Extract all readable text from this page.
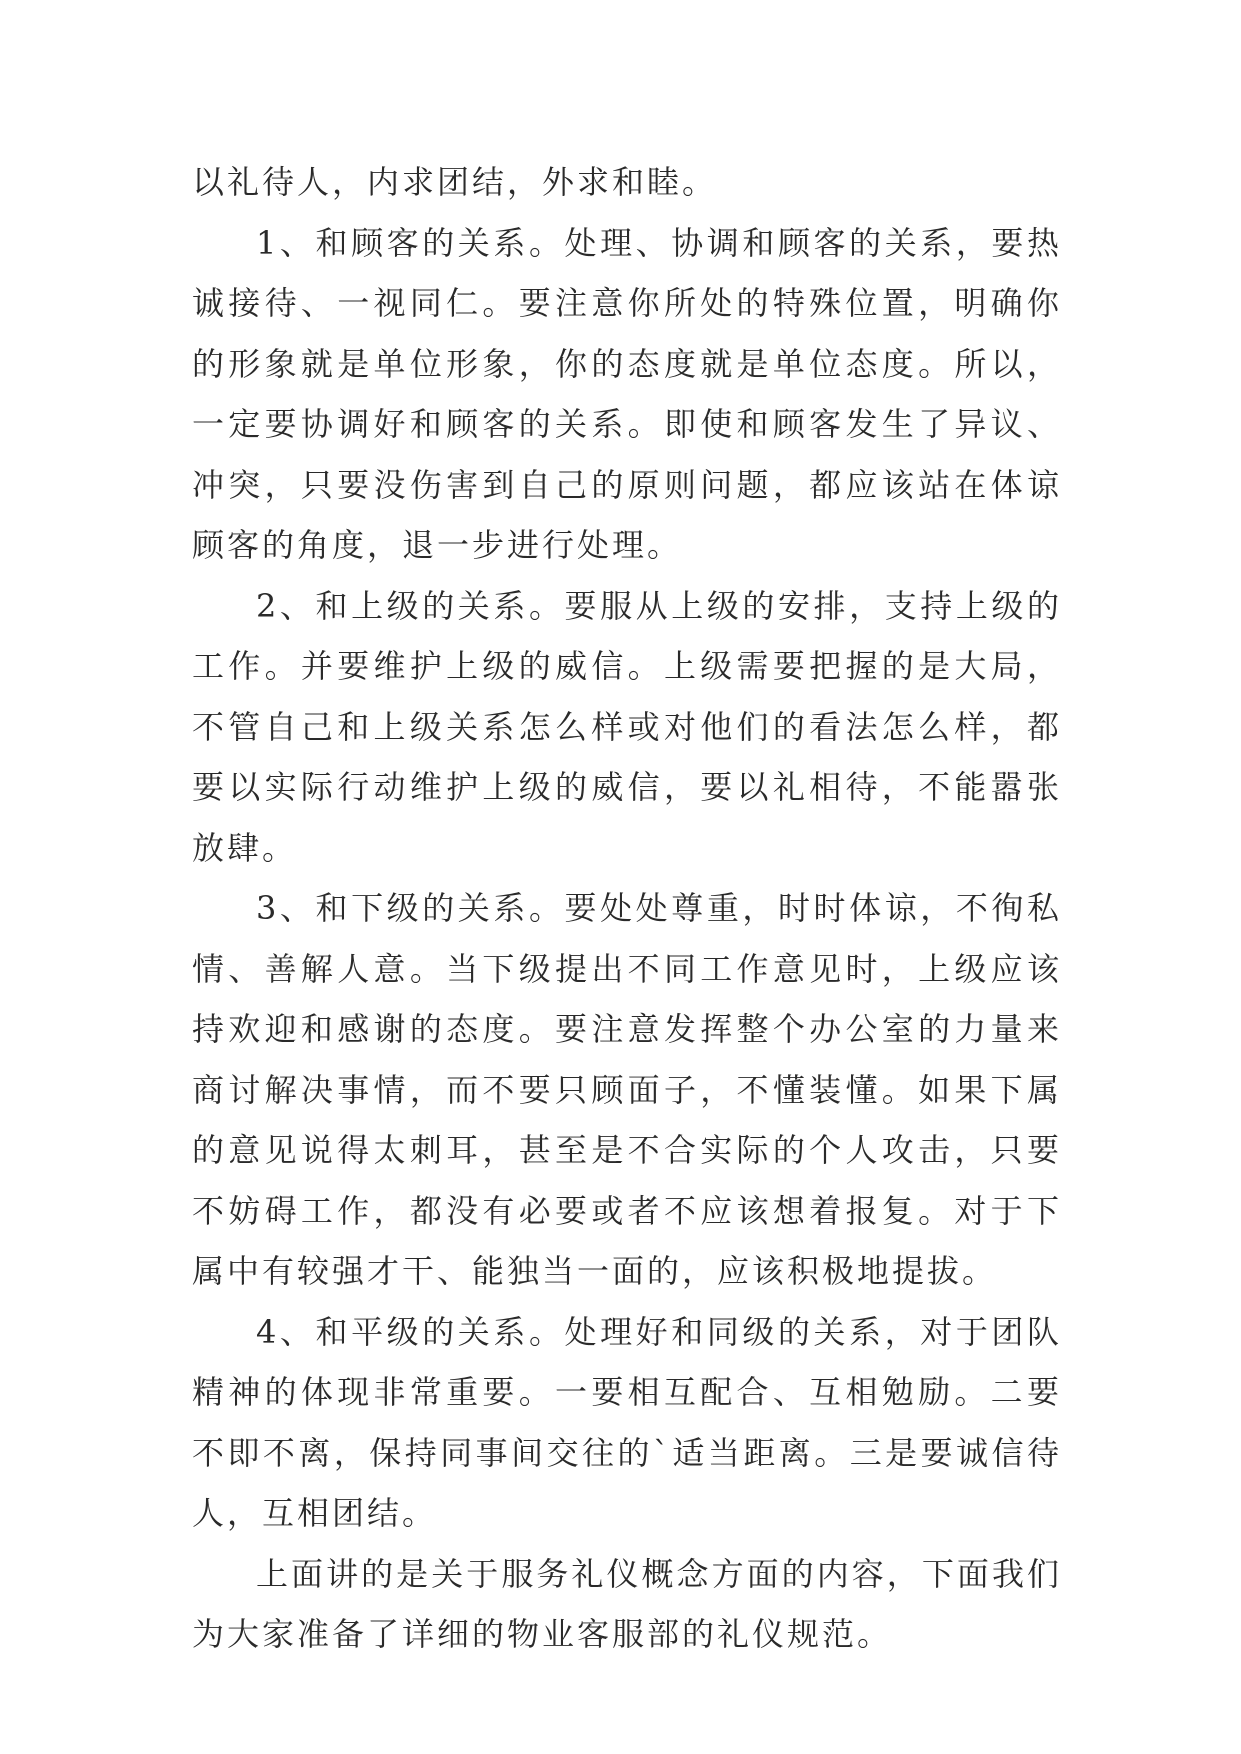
以礼待人，内求团结，外求和睦。

1、和顾客的关系。处理、协调和顾客的关系，要热诚接待、一视同仁。要注意你所处的特殊位置，明确你的形象就是单位形象，你的态度就是单位态度。所以，一定要协调好和顾客的关系。即使和顾客发生了异议、冲突，只要没伤害到自己的原则问题，都应该站在体谅顾客的角度，退一步进行处理。

2、和上级的关系。要服从上级的安排，支持上级的工作。并要维护上级的威信。上级需要把握的是大局，不管自己和上级关系怎么样或对他们的看法怎么样，都要以实际行动维护上级的威信，要以礼相待，不能嚣张放肆。

3、和下级的关系。要处处尊重，时时体谅，不徇私情、善解人意。当下级提出不同工作意见时，上级应该持欢迎和感谢的态度。要注意发挥整个办公室的力量来商讨解决事情，而不要只顾面子，不懂装懂。如果下属的意见说得太刺耳，甚至是不合实际的个人攻击，只要不妨碍工作，都没有必要或者不应该想着报复。对于下属中有较强才干、能独当一面的，应该积极地提拔。

4、和平级的关系。处理好和同级的关系，对于团队精神的体现非常重要。一要相互配合、互相勉励。二要不即不离，保持同事间交往的`适当距离。三是要诚信待人，互相团结。

上面讲的是关于服务礼仪概念方面的内容，下面我们为大家准备了详细的物业客服部的礼仪规范。
